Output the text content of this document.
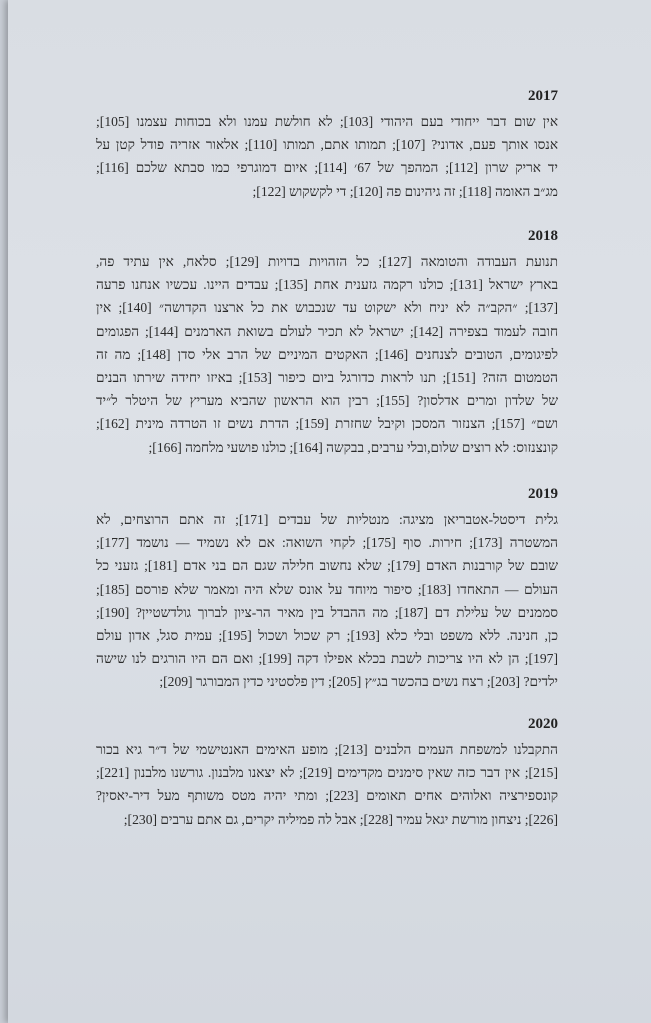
2017
אין שום דבר ייחודי בעם היהודי [103]; לא חולשת עמנו ולא בכוחות עצמנו [105];
אנסו אותך פעם, אדוני? [107]; תמותו אתם, תמותו [110]; אלאור אזריה פודל קטן על
יד אריק שרון [112]; המהפך של 67׳ [114]; איום דמוגרפי כמו סבתא שלכם [116];
מג״ב האומה [118]; זה גיהינום פה [120]; די לקשקוש [122];
2018
תנועת העבודה והטומאה [127]; כל הזהויות בדויות [129]; סלאח, אין עתיד פה,
בארץ ישראל [131]; כולנו רקמה גזענית אחת [135]; עבדים היינו. עכשיו אנחנו פרעה
[137]; ״הקב״ה לא יניח ולא ישקוט עד שנכבוש את כל ארצנו הקדושה״ [140]; אין
חובה לעמוד בצפירה [142]; ישראל לא תכיר לעולם בשואת הארמנים [144]; הפגומים
לפיגומים, הטובים לצנחנים [146]; האקטים המיניים של הרב אלי סדן [148]; מה זה
הטמטום הזה? [151]; תנו לראות כדורגל ביום כיפור [153]; באיזו יחידה שירתו הבנים
של שלדון ומרים אדלסון? [155]; רבין הוא הראשון שהביא מעריץ של היטלר ל״יד
ושם״ [157]; הצנזור המסכן וקיבל שחזרת [159]; הדרת נשים זו הטרדה מינית [162];
קונצנזוס: לא רוצים שלום,ובלי ערבים, בבקשה [164]; כולנו פושעי מלחמה [166];
2019
גלית דיסטל-אטבריאן מציגה: מנטליות של עבדים [171]; זה אתם הרוצחים, לא
המשטרה [173]; חירות. סוף [175]; לקחי השואה: אם לא נשמיד — נושמד [177];
שובם של קורבנות האדם [179]; שלא נחשוב חלילה שגם הם בני אדם [181]; גזעני כל
העולם — התאחדו [183]; סיפור מיוחד על אונס שלא היה ומאמר שלא פורסם [185];
סממנים של עלילת דם [187]; מה ההבדל בין מאיר הר-ציון לברוך גולדשטיין? [190];
כן, חנינה. ללא משפט ובלי כלא [193]; רק שכול ושכול [195]; עמית סגל, אדון עולם
[197]; הן לא היו צריכות לשבת בכלא אפילו דקה [199]; ואם הם היו הורגים לנו שישה
ילדים? [203]; רצח נשים בהכשר בג״ץ [205]; דין פלסטיני כדין המבורגר [209];
2020
התקבלנו למשפחת העמים הלבנים [213]; מופע האימים האנטישמי של ד״ר גיא בכור
[215]; אין דבר כזה שאין סימנים מקדימים [219]; לא יצאנו מלבנון. גורשנו מלבנון [221];
קונספירציה ואלוהים אחים תאומים [223]; ומתי יהיה מטס משותף מעל דיר-יאסין?
[226]; ניצחון מורשת יגאל עמיר [228]; אבל לה פמיליה יקרים, גם אתם ערבים [230];
